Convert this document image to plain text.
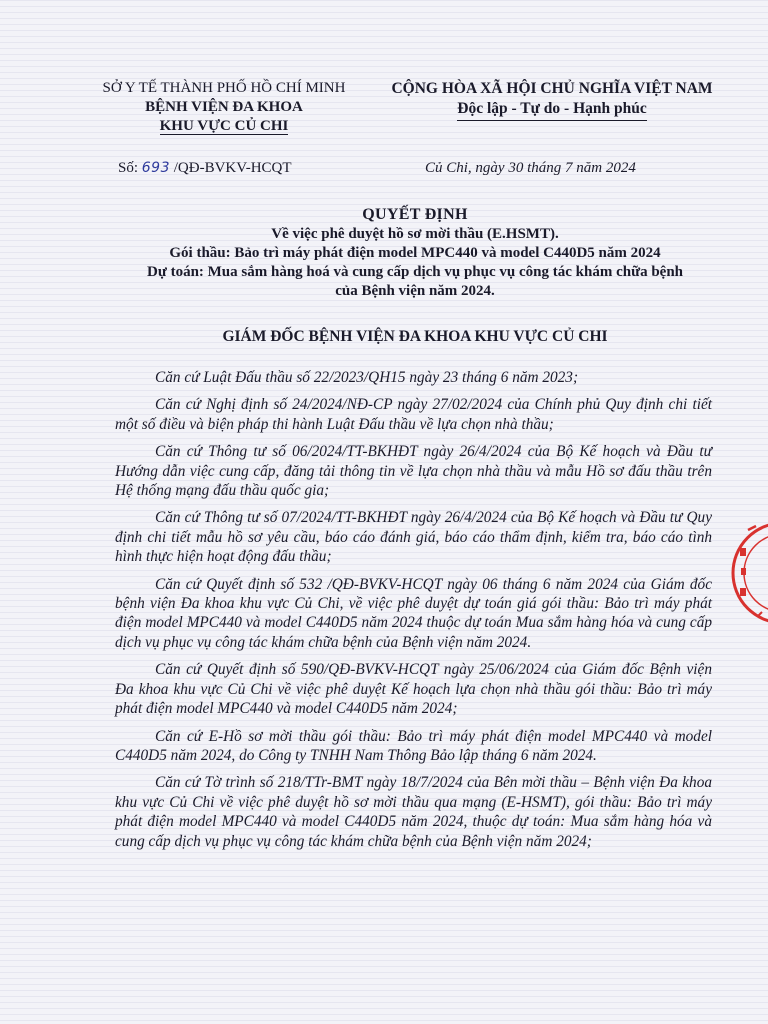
SỞ Y TẾ THÀNH PHỐ HỒ CHÍ MINH
BỆNH VIỆN ĐA KHOA
KHU VỰC CỦ CHI
CỘNG HÒA XÃ HỘI CHỦ NGHĨA VIỆT NAM
Độc lập - Tự do - Hạnh phúc
Số: 693 /QĐ-BVKV-HCQT	Củ Chi, ngày 30 tháng 7 năm 2024
QUYẾT ĐỊNH
Về việc phê duyệt hồ sơ mời thầu (E.HSMT).
Gói thầu: Bảo trì máy phát điện model MPC440 và model C440D5 năm 2024
Dự toán: Mua sắm hàng hoá và cung cấp dịch vụ phục vụ công tác khám chữa bệnh
của Bệnh viện năm 2024.
GIÁM ĐỐC BỆNH VIỆN ĐA KHOA KHU VỰC CỦ CHI

Căn cứ Luật Đấu thầu số 22/2023/QH15 ngày 23 tháng 6 năm 2023;

Căn cứ Nghị định số 24/2024/NĐ-CP ngày 27/02/2024 của Chính phủ Quy định chi tiết một số điều và biện pháp thi hành Luật Đấu thầu về lựa chọn nhà thầu;

Căn cứ Thông tư số 06/2024/TT-BKHĐT ngày 26/4/2024 của Bộ Kế hoạch và Đầu tư Hướng dẫn việc cung cấp, đăng tải thông tin về lựa chọn nhà thầu và mẫu Hồ sơ đấu thầu trên Hệ thống mạng đấu thầu quốc gia;

Căn cứ Thông tư số 07/2024/TT-BKHĐT ngày 26/4/2024 của Bộ Kế hoạch và Đầu tư Quy định chi tiết mẫu hồ sơ yêu cầu, báo cáo đánh giá, báo cáo thẩm định, kiểm tra, báo cáo tình hình thực hiện hoạt động đấu thầu;

Căn cứ Quyết định số 532 /QĐ-BVKV-HCQT ngày 06 tháng 6 năm 2024 của Giám đốc bệnh viện Đa khoa khu vực Củ Chi, về việc phê duyệt dự toán giá gói thầu: Bảo trì máy phát điện model MPC440 và model C440D5 năm 2024 thuộc dự toán Mua sắm hàng hóa và cung cấp dịch vụ phục vụ công tác khám chữa bệnh của Bệnh viện năm 2024.

Căn cứ Quyết định số 590/QĐ-BVKV-HCQT ngày 25/06/2024 của Giám đốc Bệnh viện Đa khoa khu vực Củ Chi về việc phê duyệt Kế hoạch lựa chọn nhà thầu gói thầu: Bảo trì máy phát điện model MPC440 và model C440D5 năm 2024;

Căn cứ E-Hồ sơ mời thầu gói thầu: Bảo trì máy phát điện model MPC440 và model C440D5 năm 2024, do Công ty TNHH Nam Thông Bảo lập tháng 6 năm 2024.

Căn cứ Tờ trình số 218/TTr-BMT ngày 18/7/2024 của Bên mời thầu – Bệnh viện Đa khoa khu vực Củ Chi về việc phê duyệt hồ sơ mời thầu qua mạng (E-HSMT), gói thầu: Bảo trì máy phát điện model MPC440 và model C440D5 năm 2024, thuộc dự toán: Mua sắm hàng hóa và cung cấp dịch vụ phục vụ công tác khám chữa bệnh của Bệnh viện năm 2024;
